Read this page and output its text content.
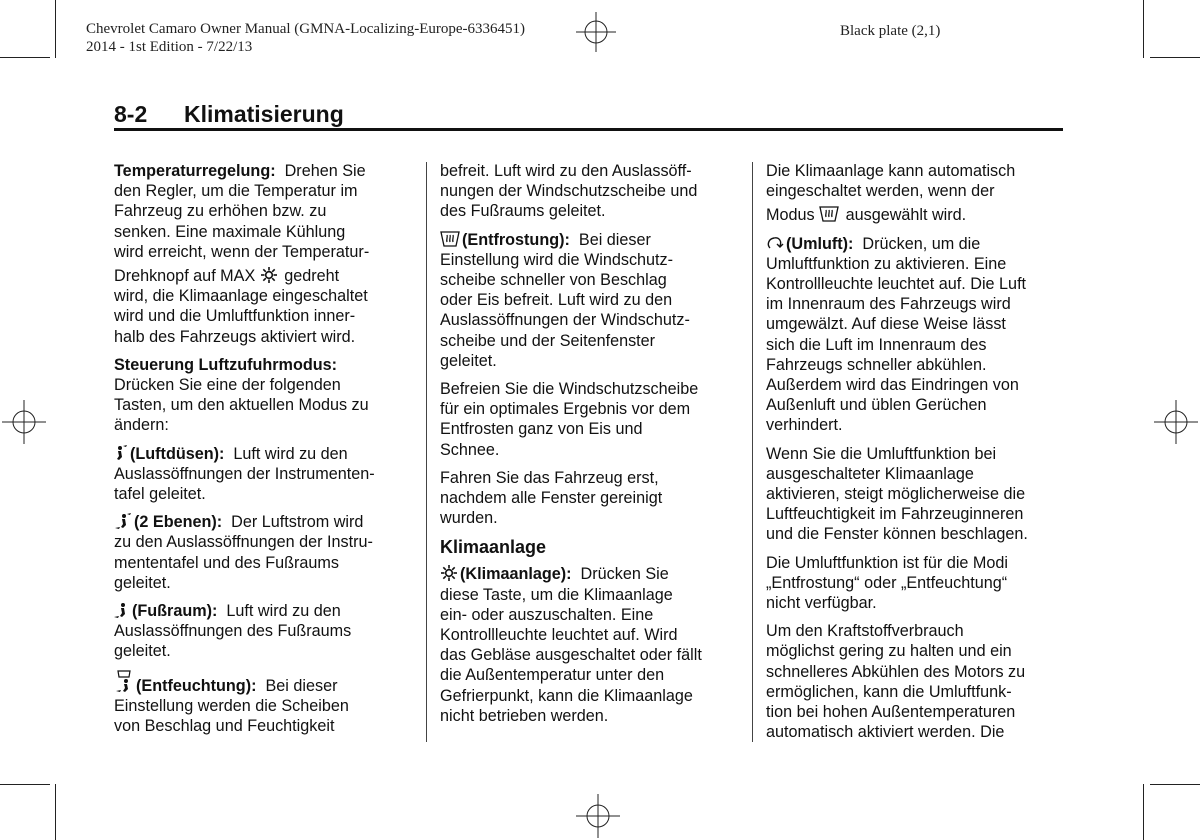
Chevrolet Camaro Owner Manual (GMNA-Localizing-Europe-6336451)
2014 - 1st Edition - 7/22/13
Black plate (2,1)
8-2 Klimatisierung

Temperaturregelung: Drehen Sie
den Regler, um die Temperatur im
Fahrzeug zu erhöhen bzw. zu
senken. Eine maximale Kühlung
wird erreicht, wenn der Temperatur-
Drehknopf auf MAX gedreht
wird, die Klimaanlage eingeschaltet
wird und die Umluftfunktion inner-
halb des Fahrzeugs aktiviert wird.

Steuerung Luftzufuhrmodus:
Drücken Sie eine der folgenden
Tasten, um den aktuellen Modus zu
ändern:

(Luftdüsen): Luft wird zu den
Auslassöffnungen der Instrumenten-
tafel geleitet.

(2 Ebenen): Der Luftstrom wird
zu den Auslassöffnungen der Instru-
mententafel und des Fußraums
geleitet.

(Fußraum): Luft wird zu den
Auslassöffnungen des Fußraums
geleitet.

(Entfeuchtung): Bei dieser
Einstellung werden die Scheiben
von Beschlag und Feuchtigkeit

befreit. Luft wird zu den Auslassöff-
nungen der Windschutzscheibe und
des Fußraums geleitet.

(Entfrostung): Bei dieser
Einstellung wird die Windschutz-
scheibe schneller von Beschlag
oder Eis befreit. Luft wird zu den
Auslassöffnungen der Windschutz-
scheibe und der Seitenfenster
geleitet.

Befreien Sie die Windschutzscheibe
für ein optimales Ergebnis vor dem
Entfrosten ganz von Eis und
Schnee.

Fahren Sie das Fahrzeug erst,
nachdem alle Fenster gereinigt
wurden.

Klimaanlage

(Klimaanlage): Drücken Sie
diese Taste, um die Klimaanlage
ein- oder auszuschalten. Eine
Kontrollleuchte leuchtet auf. Wird
das Gebläse ausgeschaltet oder fällt
die Außentemperatur unter den
Gefrierpunkt, kann die Klimaanlage
nicht betrieben werden.

Die Klimaanlage kann automatisch
eingeschaltet werden, wenn der
Modus ausgewählt wird.

(Umluft): Drücken, um die
Umluftfunktion zu aktivieren. Eine
Kontrollleuchte leuchtet auf. Die Luft
im Innenraum des Fahrzeugs wird
umgewälzt. Auf diese Weise lässt
sich die Luft im Innenraum des
Fahrzeugs schneller abkühlen.
Außerdem wird das Eindringen von
Außenluft und üblen Gerüchen
verhindert.

Wenn Sie die Umluftfunktion bei
ausgeschalteter Klimaanlage
aktivieren, steigt möglicherweise die
Luftfeuchtigkeit im Fahrzeuginneren
und die Fenster können beschlagen.

Die Umluftfunktion ist für die Modi
„Entfrostung“ oder „Entfeuchtung“
nicht verfügbar.

Um den Kraftstoffverbrauch
möglichst gering zu halten und ein
schnelleres Abkühlen des Motors zu
ermöglichen, kann die Umluftfunk-
tion bei hohen Außentemperaturen
automatisch aktiviert werden. Die
